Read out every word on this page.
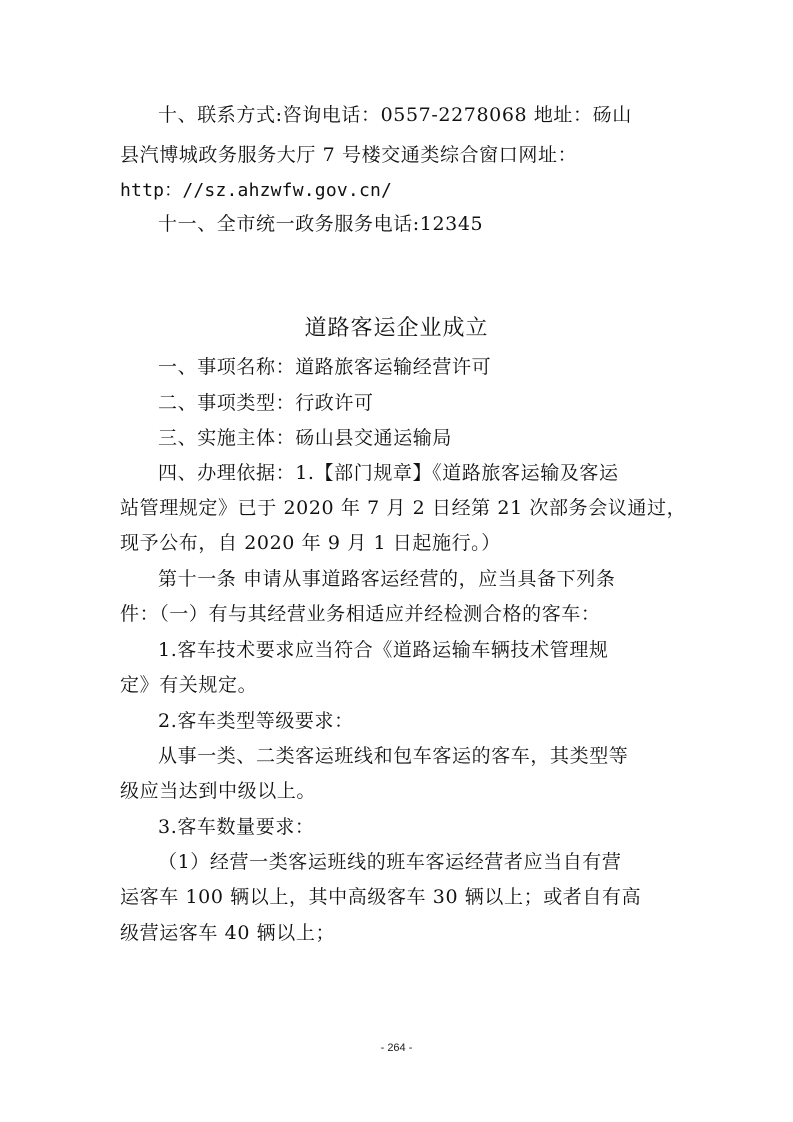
十、联系方式:咨询电话：0557-2278068 地址：砀山
县汽博城政务服务大厅 7 号楼交通类综合窗口网址：
http：//sz.ahzwfw.gov.cn/
十一、全市统一政务服务电话:12345
道路客运企业成立
一、事项名称：道路旅客运输经营许可
二、事项类型：行政许可
三、实施主体：砀山县交通运输局
四、办理依据：1.【部门规章】《道路旅客运输及客运
站管理规定》已于 2020 年 7 月 2 日经第 21 次部务会议通过，
现予公布，自 2020 年 9 月 1 日起施行。）
第十一条 申请从事道路客运经营的，应当具备下列条
件：（一）有与其经营业务相适应并经检测合格的客车：
1.客车技术要求应当符合《道路运输车辆技术管理规
定》有关规定。
2.客车类型等级要求：
从事一类、二类客运班线和包车客运的客车，其类型等
级应当达到中级以上。
3.客车数量要求：
（1）经营一类客运班线的班车客运经营者应当自有营
运客车 100 辆以上，其中高级客车 30 辆以上；或者自有高
级营运客车 40 辆以上；
- 264 -
